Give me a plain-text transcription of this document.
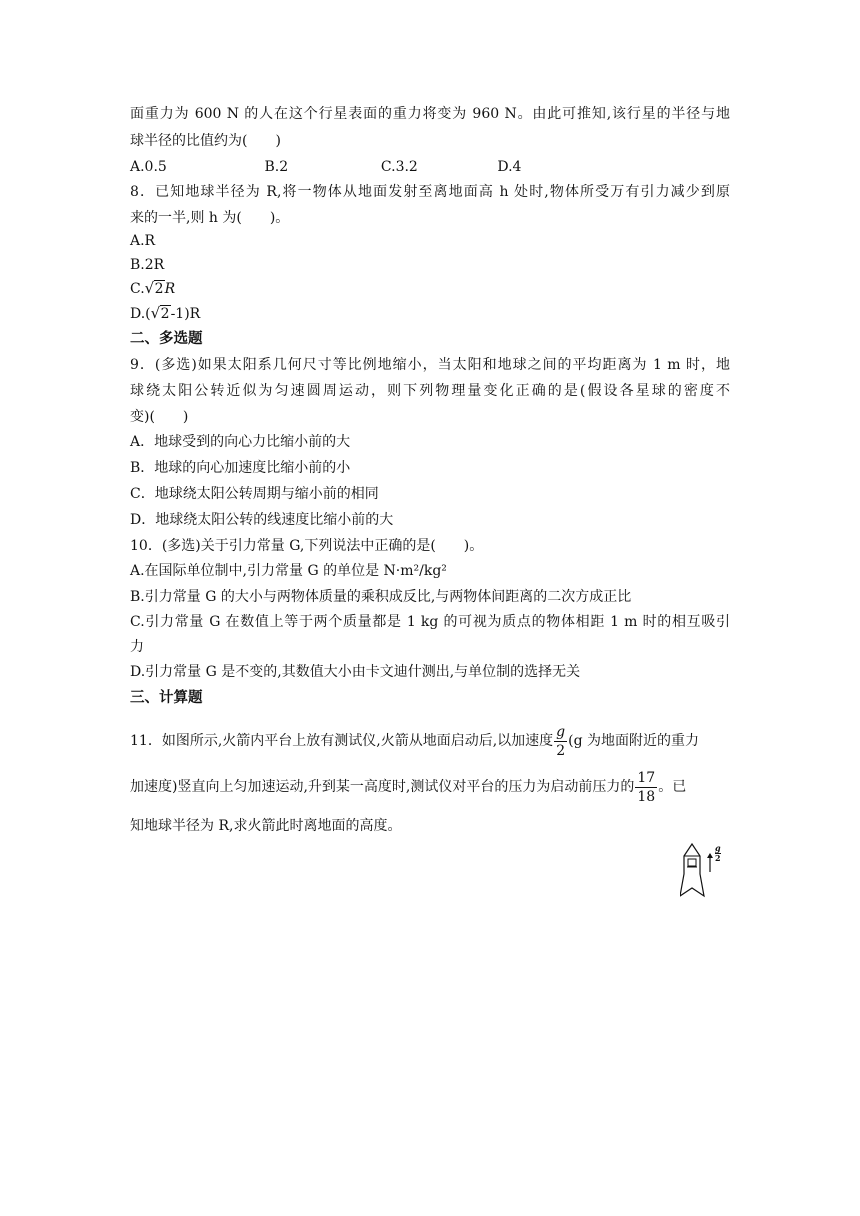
面重力为 600 N 的人在这个行星表面的重力将变为 960 N。由此可推知,该行星的半径与地
球半径的比值约为(　　)
A.0.5	B.2	C.3.2	D.4
8．已知地球半径为 R,将一物体从地面发射至离地面高 h 处时,物体所受万有引力减少到原
来的一半,则 h 为(　　)。
A.R
B.2R
C. √ 2R
D.( √ 2-1)R
二、多选题
9．(多选)如果太阳系几何尺寸等比例地缩小，当太阳和地球之间的平均距离为 1 m 时，地
球绕太阳公转近似为匀速圆周运动，则下列物理量变化正确的是(假设各星球的密度不
变)(　　)
A．地球受到的向心力比缩小前的大
B．地球的向心加速度比缩小前的小
C．地球绕太阳公转周期与缩小前的相同
D．地球绕太阳公转的线速度比缩小前的大
10．(多选)关于引力常量 G,下列说法中正确的是(　　)。
A.在国际单位制中,引力常量 G 的单位是 N·m²/kg²
B.引力常量 G 的大小与两物体质量的乘积成反比,与两物体间距离的二次方成正比
C.引力常量 G 在数值上等于两个质量都是 1 kg 的可视为质点的物体相距 1 m 时的相互吸引
力
D.引力常量 G 是不变的,其数值大小由卡文迪什测出,与单位制的选择无关
三、计算题
11．如图所示,火箭内平台上放有测试仪,火箭从地面启动后,以加速度 $\frac{g}{2} (g$ 为地面附近的重力
加速度)竖直向上匀加速运动,升到某一高度时,测试仪对平台的压力为启动前压力的 $\frac{17}{18}$ 。已
知地球半径为 R,求火箭此时离地面的高度。
$\frac{g}{2}$
